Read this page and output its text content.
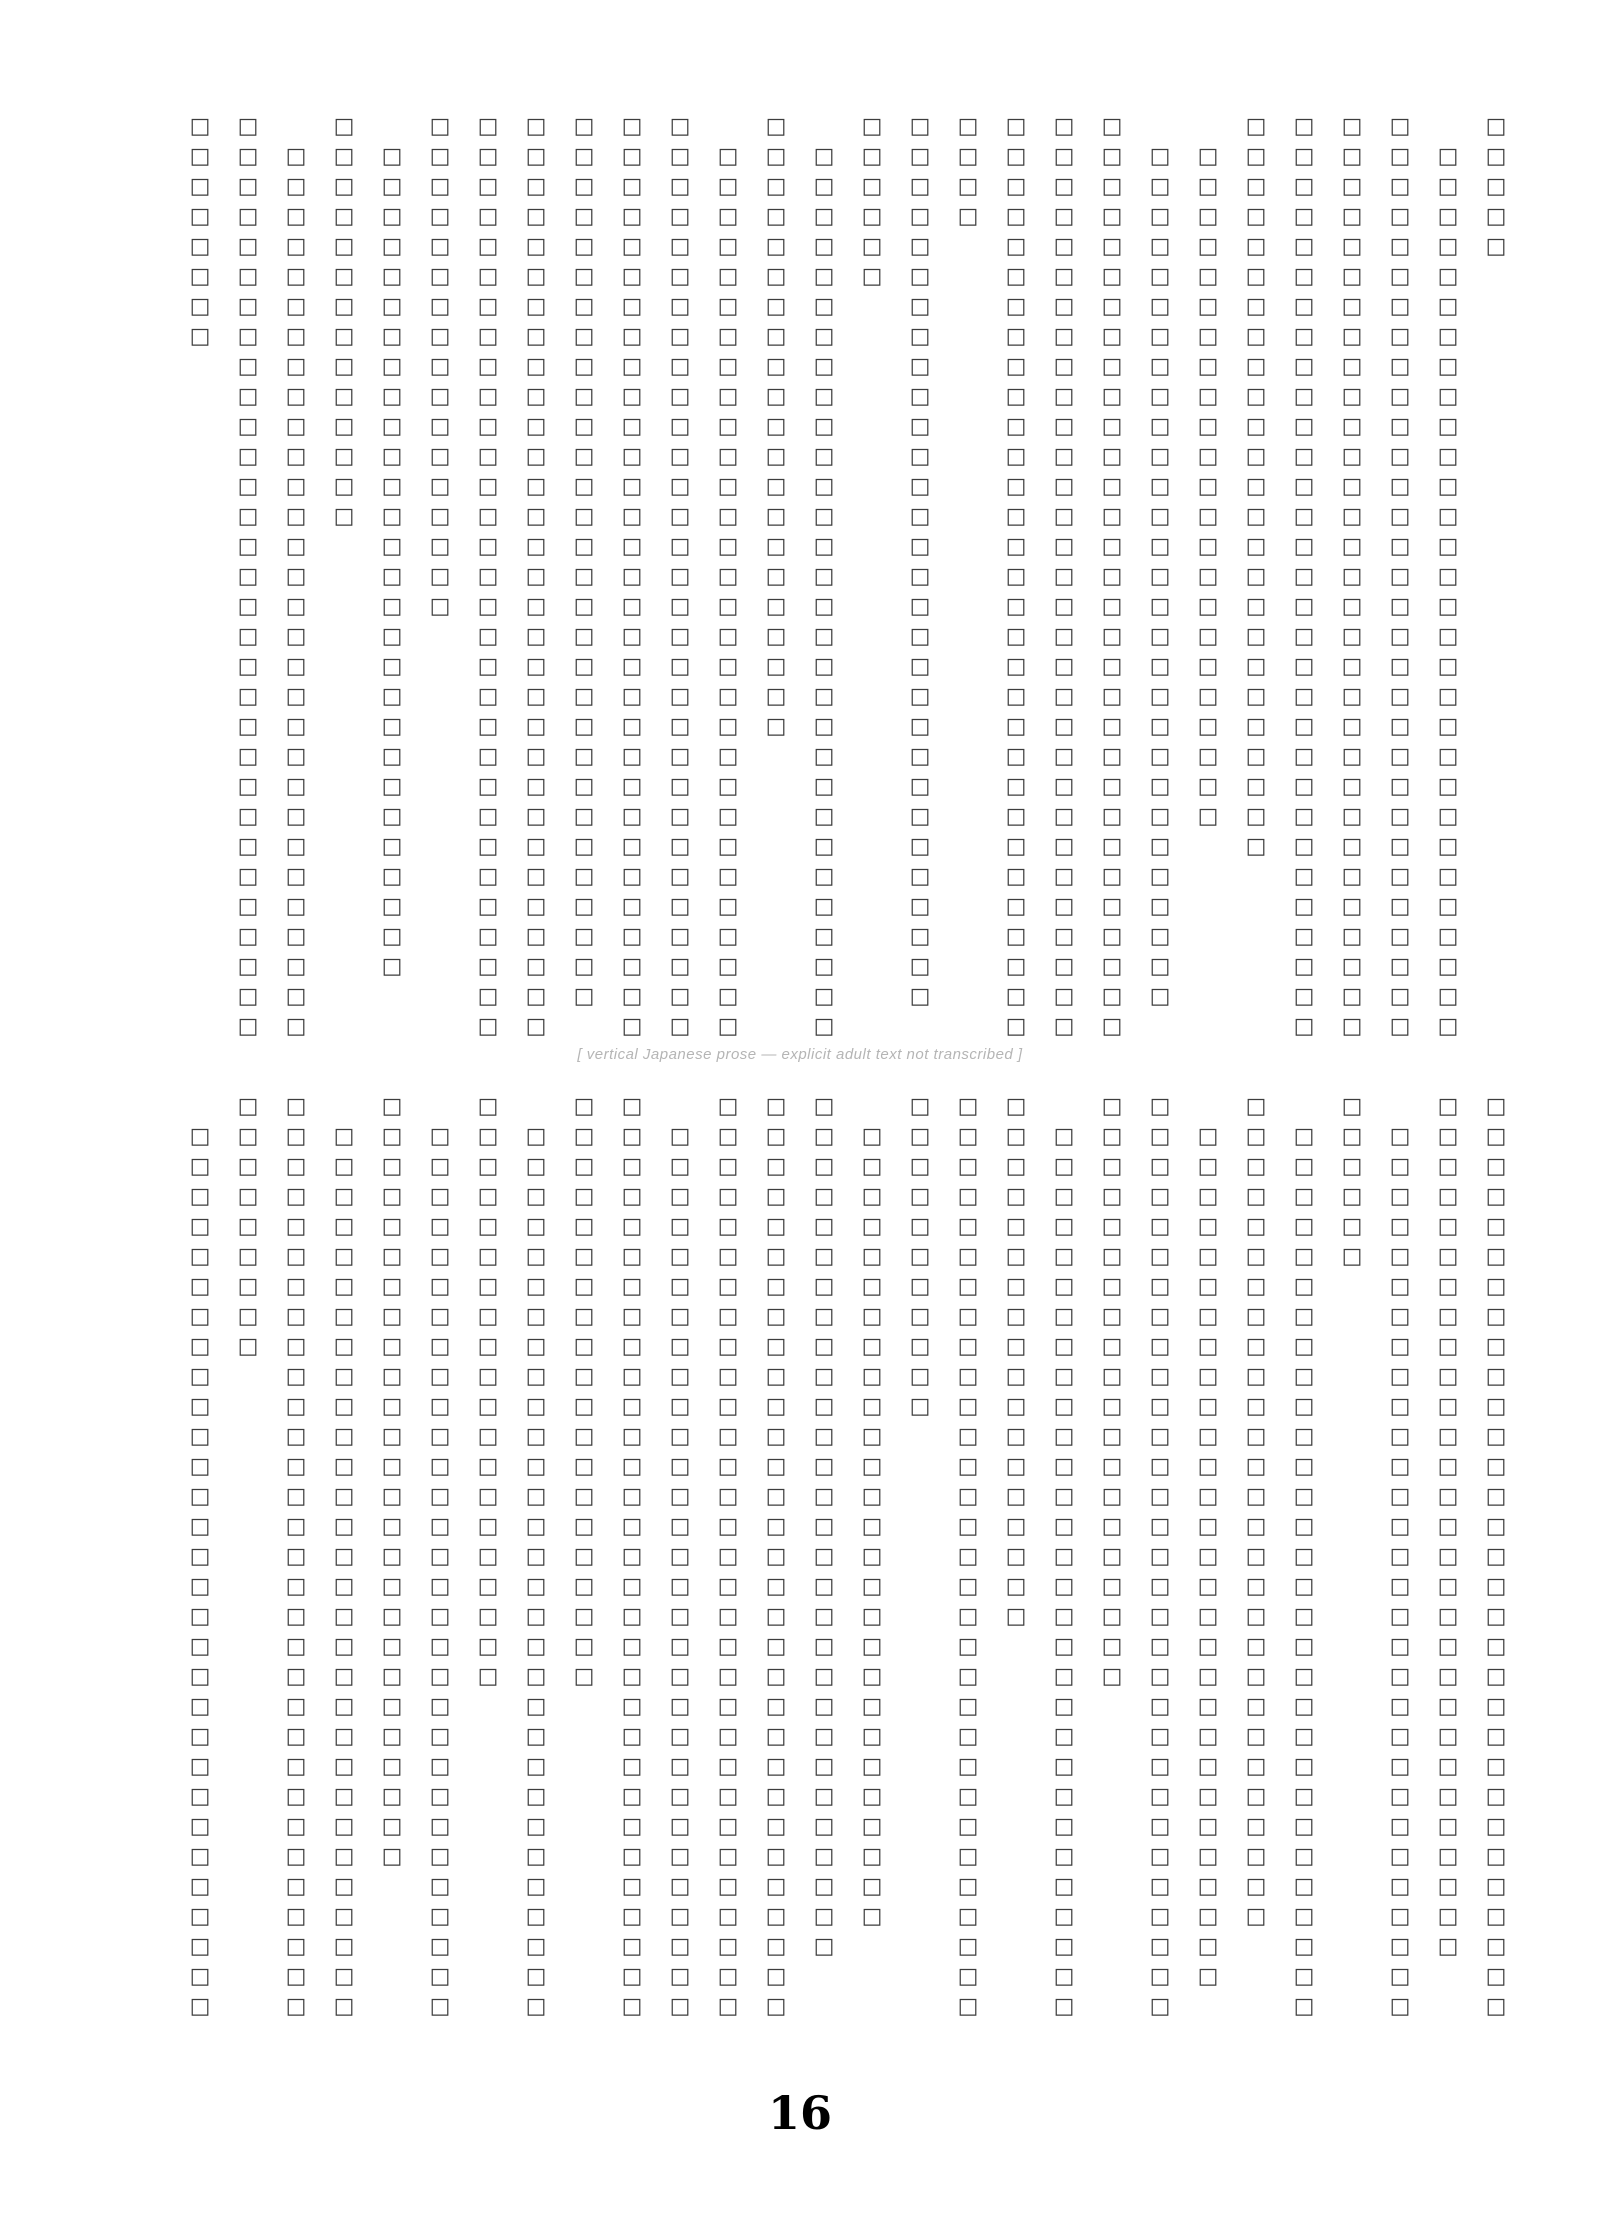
□
□
□
□
□
□
□
□
□
□
□
□
□
□
□
□
□
□
□
□
□
□
□
□
□
□
□
□
□
□
□
□
□
□
□
□
□
□
□
□
□
□
□
□
□
□
□
□
□
□
□
□
□
□
□
□
□
□
□
□
□
□
□
□
□
□
□
□
□
□
□
□
□
□
□
□
□
□
□
□
□
□
□
□
□
□
□
□
□
□
□
□
□
□
□
□
□
□
□
□
□
□
□
□
□
□
□
□
□
□
□
□
□
□
□
□
□
□
□
□
□
□
□
□
□
□
□
□
□
□
□
□
□
□
□
□
□
□
□
□
□
□
□
□
□
□
□
□
□
□
□
□
□
□
□
□
□
□
□
□
□
□
□
□
□
□
□
□
□
□
□
□
□
□
□
□
□
□
□
□
□
□
□
□
□
□
□
□
□
□
□
□
□
□
□
□
□
□
□
□
□
□
□
□
□
□
□
□
□
□
□
□
□
□
□
□
□
□
□
□
□
□
□
□
□
□
□
□
□
□
□
□
□
□
□
□
□
□
□
□
□
□
□
□
□
□
□
□
□
□
□
□
□
□
□
□
□
□
□
□
□
□
□
□
□
□
□
□
□
□
□
□
□
□
□
□
□
□
□
□
□
□
□
□
□
□
□
□
□
□
□
□
□
□
□
□
□
□
□
□
□
□
□
□
□
□
□
□
□
□
□
□
□
□
□
□
□
□
□
□
□
□
□
□
□
□
□
□
□
□
□
□
□
□
□
□
□
□
□
□
□
□
□
□
□
□
□
□
□
□
□
□
□
□
□
□
□
□
□
□
□
□
□
□
□
□
□
□
□
□
□
□
□
□
□
□
□
□
□
□
□
□
□
□
□
□
□
□
□
□
□
□
□
□
□
□
□
□
□
□
□
□
□
□
□
□
□
□
□
□
□
□
□
□
□
□
□
□
□
□
□
□
□
□
□
□
□
□
□
□
□
□
□
□
□
□
□
□
□
□
□
□
□
□
□
□
□
□
□
□
□
□
□
□
□
□
□
□
□
□
□
□
□
□
□
□
□
□
□
□
□
□
□
□
□
□
□
□
□
□
□
□
□
□
□
□
□
□
□
□
□
□
□
□
□
□
□
□
□
□
□
□
□
□
□
□
□
□
□
□
□
□
□
□
□
□
□
□
□
□
□
□
□
□
□
□
□
□
□
□
□
□
□
□
□
□
□
□
□
□
□
□
□
□
□
□
□
□
□
□
□
□
□
□
□
□
□
□
□
□
□
□
□
□
□
□
□
□
□
□
□
□
□
□
□
□
□
□
□
□
□
□
□
□
□
□
□
□
□
□
□
□
□
□
□
□
□
□
□
□
□
□
□
□
□
□
□
□
□
□
□
□
□
□
□
□
□
□
□
□
□
□
□
□
□
□
□
□
□
□
□
□
□
□
□
□
□
□
□
□
□
□
□
□
□
□
□
□
□
□
□
□
□
□
□
□
□
□
□
□
□
□
□
□
□
□
□
□
□
□
□
□
□
□
□
□
□
□
□
□
□
□
□
□
□
□
□
□
□
□
□
□
□
□
□
□
□
□
□
□
□
[ vertical Japanese prose — explicit adult text not transcribed ]
□
□
□
□
□
□
□
□
□
□
□
□
□
□
□
□
□
□
□
□
□
□
□
□
□
□
□
□
□
□
□
□
□
□
□
□
□
□
□
□
□
□
□
□
□
□
□
□
□
□
□
□
□
□
□
□
□
□
□
□
□
□
□
□
□
□
□
□
□
□
□
□
□
□
□
□
□
□
□
□
□
□
□
□
□
□
□
□
□
□
□
□
□
□
□
□
□
□
□
□
□
□
□
□
□
□
□
□
□
□
□
□
□
□
□
□
□
□
□
□
□
□
□
□
□
□
□
□
□
□
□
□
□
□
□
□
□
□
□
□
□
□
□
□
□
□
□
□
□
□
□
□
□
□
□
□
□
□
□
□
□
□
□
□
□
□
□
□
□
□
□
□
□
□
□
□
□
□
□
□
□
□
□
□
□
□
□
□
□
□
□
□
□
□
□
□
□
□
□
□
□
□
□
□
□
□
□
□
□
□
□
□
□
□
□
□
□
□
□
□
□
□
□
□
□
□
□
□
□
□
□
□
□
□
□
□
□
□
□
□
□
□
□
□
□
□
□
□
□
□
□
□
□
□
□
□
□
□
□
□
□
□
□
□
□
□
□
□
□
□
□
□
□
□
□
□
□
□
□
□
□
□
□
□
□
□
□
□
□
□
□
□
□
□
□
□
□
□
□
□
□
□
□
□
□
□
□
□
□
□
□
□
□
□
□
□
□
□
□
□
□
□
□
□
□
□
□
□
□
□
□
□
□
□
□
□
□
□
□
□
□
□
□
□
□
□
□
□
□
□
□
□
□
□
□
□
□
□
□
□
□
□
□
□
□
□
□
□
□
□
□
□
□
□
□
□
□
□
□
□
□
□
□
□
□
□
□
□
□
□
□
□
□
□
□
□
□
□
□
□
□
□
□
□
□
□
□
□
□
□
□
□
□
□
□
□
□
□
□
□
□
□
□
□
□
□
□
□
□
□
□
□
□
□
□
□
□
□
□
□
□
□
□
□
□
□
□
□
□
□
□
□
□
□
□
□
□
□
□
□
□
□
□
□
□
□
□
□
□
□
□
□
□
□
□
□
□
□
□
□
□
□
□
□
□
□
□
□
□
□
□
□
□
□
□
□
□
□
□
□
□
□
□
□
□
□
□
□
□
□
□
□
□
□
□
□
□
□
□
□
□
□
□
□
□
□
□
□
□
□
□
□
□
□
□
□
□
□
□
□
□
□
□
□
□
□
□
□
□
□
□
□
□
□
□
□
□
□
□
□
□
□
□
□
□
□
□
□
□
□
□
□
□
□
□
□
□
□
□
□
□
□
□
□
□
□
□
□
□
□
□
□
□
□
□
□
□
□
□
□
□
□
□
□
□
□
□
□
□
□
□
□
□
□
□
□
□
□
□
□
□
□
□
□
□
□
□
□
□
□
□
□
□
□
□
□
□
□
□
□
□
□
□
□
□
□
□
□
□
□
□
□
□
□
□
□
□
□
□
□
□
□
□
□
□
□
□
□
□
□
□
□
□
□
□
□
□
□
□
□
□
□
□
□
□
□
□
□
□
□
□
□
□
□
□
□
□
□
□
□
□
□
□
□
□
□
□
□
□
□
□
□
□
□
□
□
□
□
□
□
□
□
□
□
□
□
□
□
□
16
